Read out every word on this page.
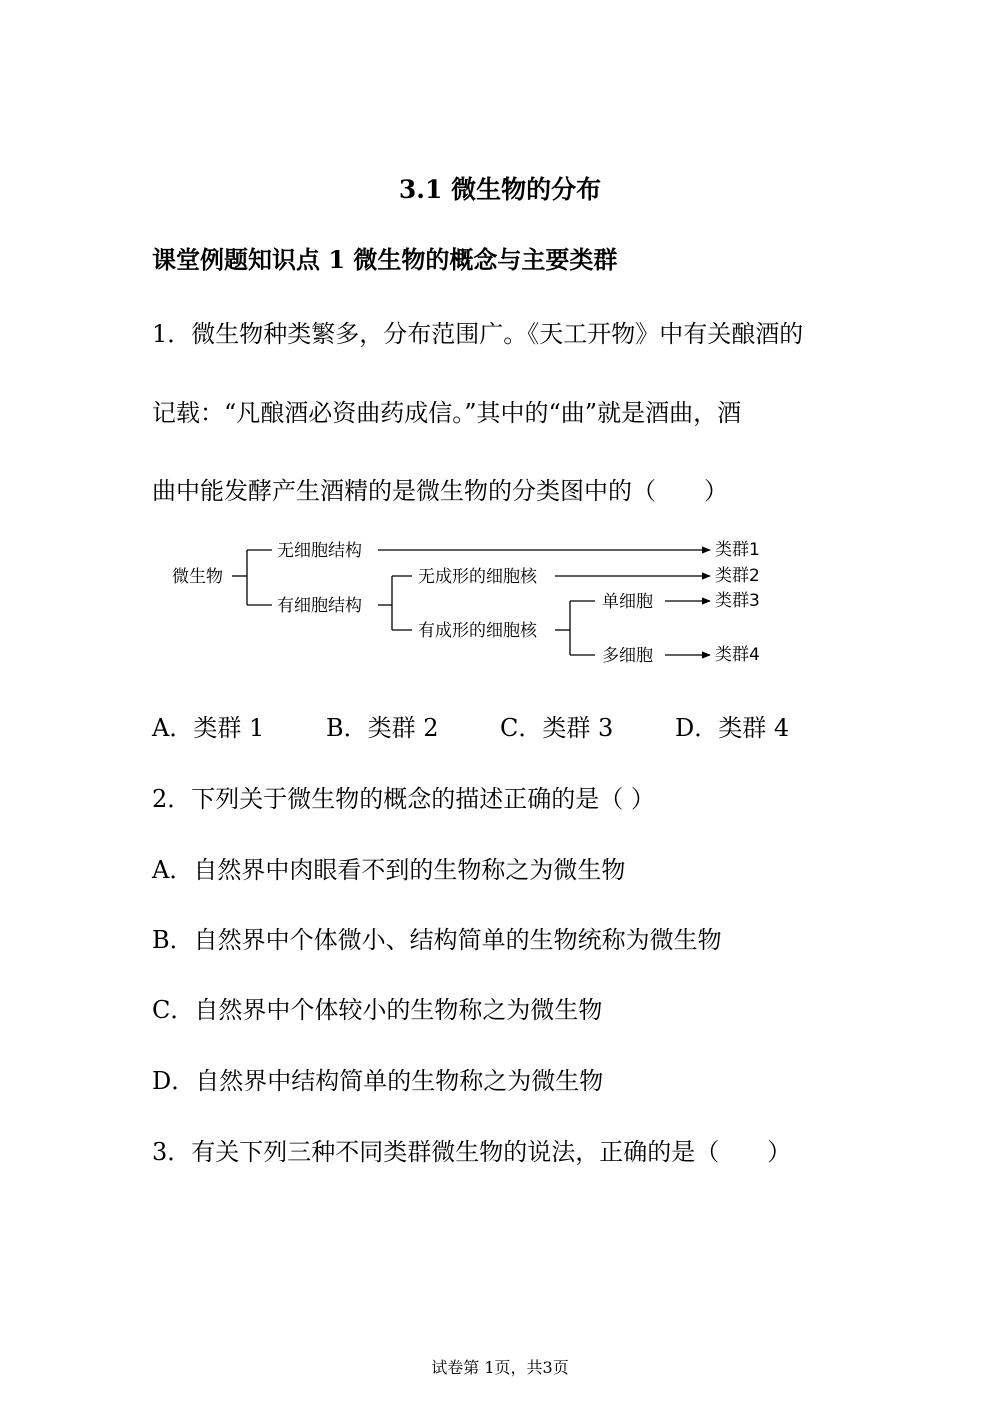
3.1 微生物的分布
课堂例题知识点 1 微生物的概念与主要类群
1．微生物种类繁多，分布范围广。《天工开物》中有关酿酒的
记载：“凡酿酒必资曲药成信。”其中的“曲”就是酒曲，酒
曲中能发酵产生酒精的是微生物的分类图中的（　　）
微生物
无细胞结构
有细胞结构
无成形的细胞核
有成形的细胞核
单细胞
多细胞
类群1
类群2
类群3
类群4
A．类群 1	B．类群 2	C．类群 3	D．类群 4
2．下列关于微生物的概念的描述正确的是（ ）
A．自然界中肉眼看不到的生物称之为微生物
B．自然界中个体微小、结构简单的生物统称为微生物
C．自然界中个体较小的生物称之为微生物
D．自然界中结构简单的生物称之为微生物
3．有关下列三种不同类群微生物的说法，正确的是（　　）
试卷第 1页，共3页
